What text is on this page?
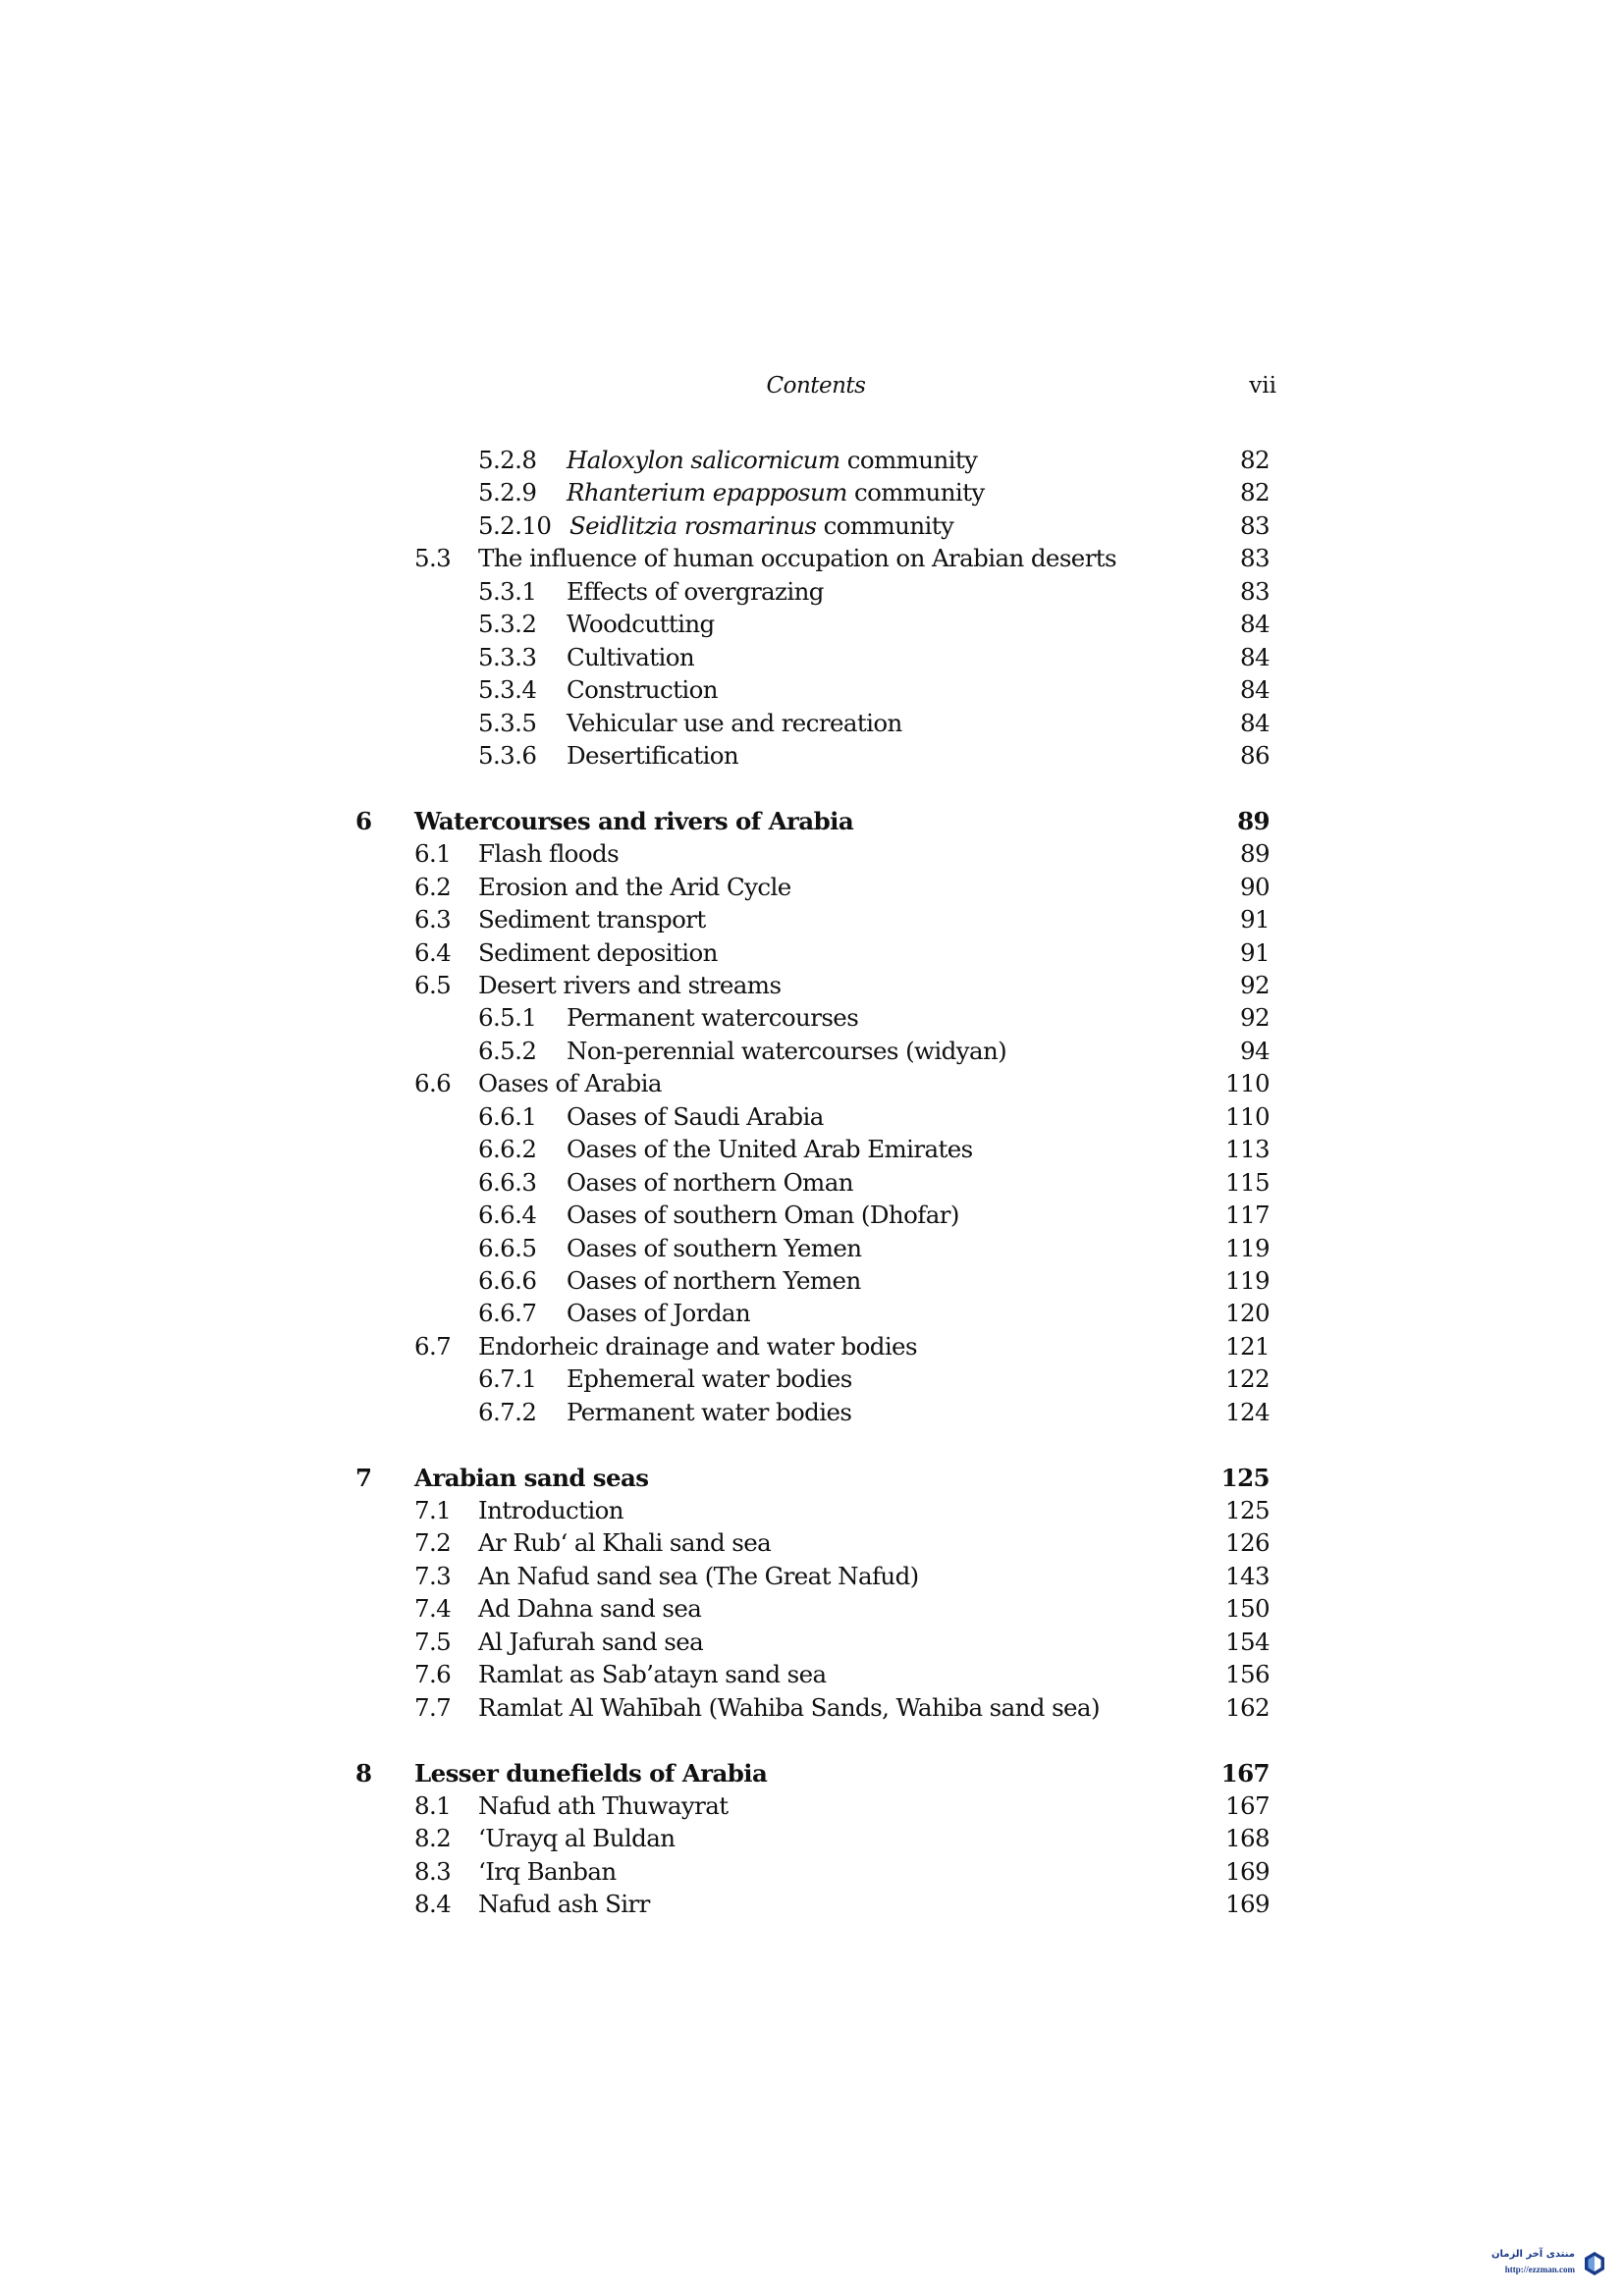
Contents	vii
5.2.8 Haloxylon salicornicum community	82
5.2.9 Rhanterium epapposum community	82
5.2.10 Seidlitzia rosmarinus community	83
5.3 The influence of human occupation on Arabian deserts	83
5.3.1 Effects of overgrazing	83
5.3.2 Woodcutting	84
5.3.3 Cultivation	84
5.3.4 Construction	84
5.3.5 Vehicular use and recreation	84
5.3.6 Desertification	86
6 Watercourses and rivers of Arabia	89
6.1 Flash floods	89
6.2 Erosion and the Arid Cycle	90
6.3 Sediment transport	91
6.4 Sediment deposition	91
6.5 Desert rivers and streams	92
6.5.1 Permanent watercourses	92
6.5.2 Non-perennial watercourses (widyan)	94
6.6 Oases of Arabia	110
6.6.1 Oases of Saudi Arabia	110
6.6.2 Oases of the United Arab Emirates	113
6.6.3 Oases of northern Oman	115
6.6.4 Oases of southern Oman (Dhofar)	117
6.6.5 Oases of southern Yemen	119
6.6.6 Oases of northern Yemen	119
6.6.7 Oases of Jordan	120
6.7 Endorheic drainage and water bodies	121
6.7.1 Ephemeral water bodies	122
6.7.2 Permanent water bodies	124
7 Arabian sand seas	125
7.1 Introduction	125
7.2 Ar Rub‘ al Khali sand sea	126
7.3 An Nafud sand sea (The Great Nafud)	143
7.4 Ad Dahna sand sea	150
7.5 Al Jafurah sand sea	154
7.6 Ramlat as Sab’atayn sand sea	156
7.7 Ramlat Al Wahībah (Wahiba Sands, Wahiba sand sea)	162
8 Lesser dunefields of Arabia	167
8.1 Nafud ath Thuwayrat	167
8.2 ‘Urayq al Buldan	168
8.3 ‘Irq Banban	169
8.4 Nafud ash Sirr	169
منتدى آخر الزمان
http://ezzman.com
